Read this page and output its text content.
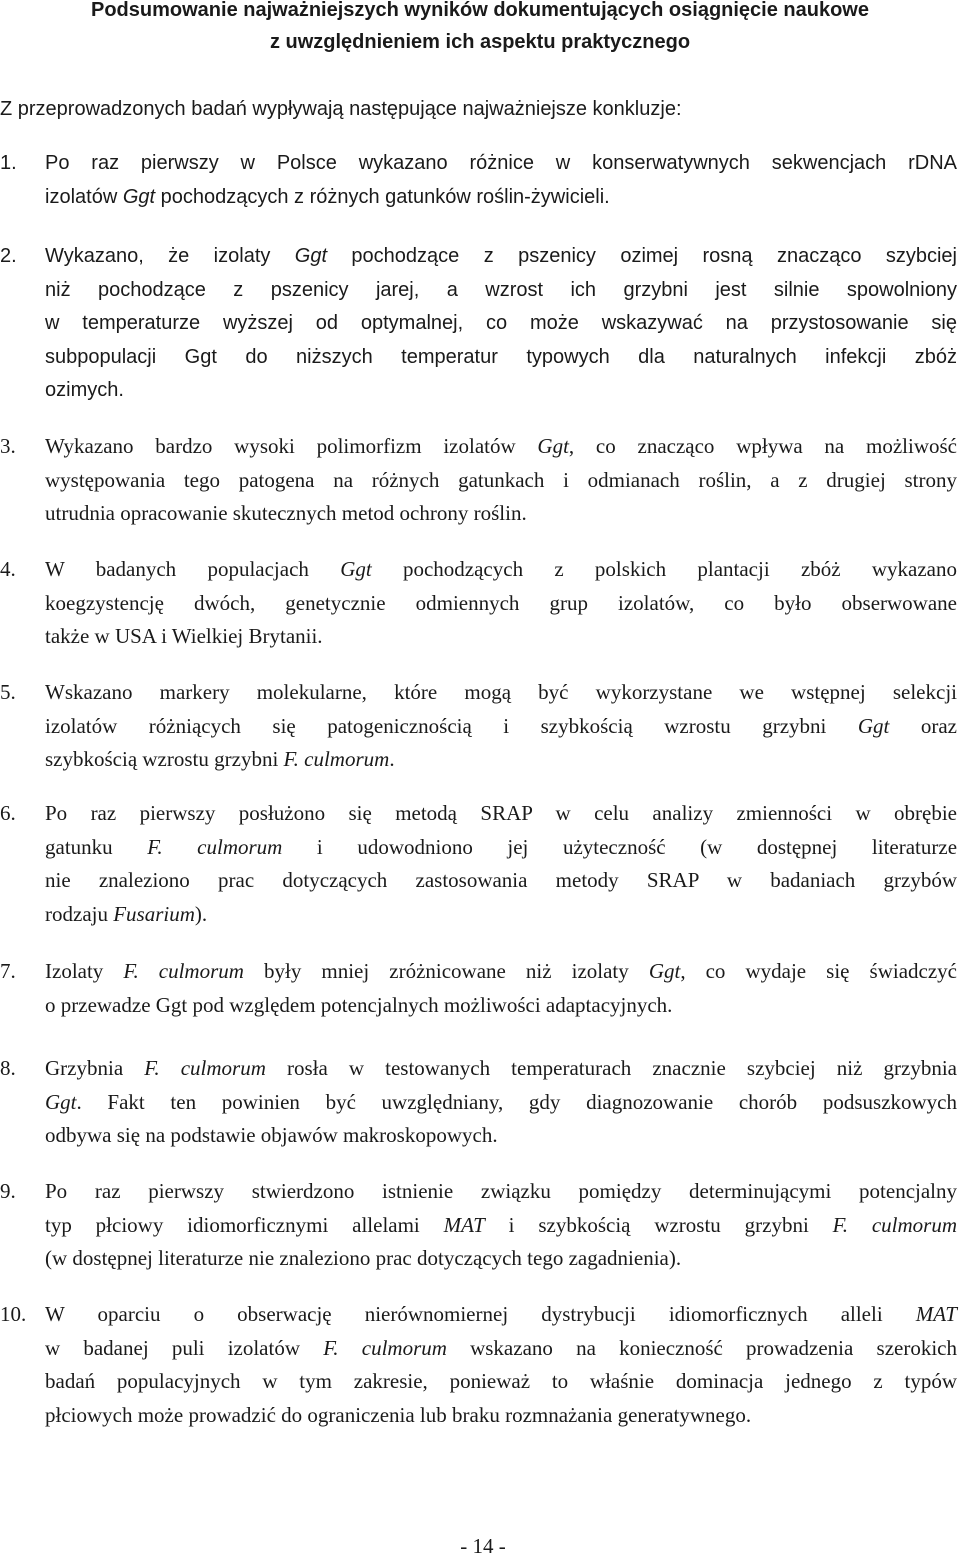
Podsumowanie najważniejszych wyników dokumentujących osiągnięcie naukowe
z uwzględnieniem ich aspektu praktycznego
Z przeprowadzonych badań wypływają następujące najważniejsze konkluzje:
1. Po raz pierwszy w Polsce wykazano różnice w konserwatywnych sekwencjach rDNA
izolatów Ggt pochodzących z różnych gatunków roślin-żywicieli.
2. Wykazano, że izolaty Ggt pochodzące z pszenicy ozimej rosną znacząco szybciej
niż pochodzące z pszenicy jarej, a wzrost ich grzybni jest silnie spowolniony
w temperaturze wyższej od optymalnej, co może wskazywać na przystosowanie się
subpopulacji Ggt do niższych temperatur typowych dla naturalnych infekcji zbóż
ozimych.
3. Wykazano bardzo wysoki polimorfizm izolatów Ggt, co znacząco wpływa na możliwość
występowania tego patogena na różnych gatunkach i odmianach roślin, a z drugiej strony
utrudnia opracowanie skutecznych metod ochrony roślin.
4. W badanych populacjach Ggt pochodzących z polskich plantacji zbóż wykazano
koegzystencję dwóch, genetycznie odmiennych grup izolatów, co było obserwowane
także w USA i Wielkiej Brytanii.
5. Wskazano markery molekularne, które mogą być wykorzystane we wstępnej selekcji
izolatów różniących się patogenicznością i szybkością wzrostu grzybni Ggt oraz
szybkością wzrostu grzybni F. culmorum.
6. Po raz pierwszy posłużono się metodą SRAP w celu analizy zmienności w obrębie
gatunku F. culmorum i udowodniono jej użyteczność (w dostępnej literaturze
nie znaleziono prac dotyczących zastosowania metody SRAP w badaniach grzybów
rodzaju Fusarium).
7. Izolaty F. culmorum były mniej zróżnicowane niż izolaty Ggt, co wydaje się świadczyć
o przewadze Ggt pod względem potencjalnych możliwości adaptacyjnych.
8. Grzybnia F. culmorum rosła w testowanych temperaturach znacznie szybciej niż grzybnia
Ggt. Fakt ten powinien być uwzględniany, gdy diagnozowanie chorób podsuszkowych
odbywa się na podstawie objawów makroskopowych.
9. Po raz pierwszy stwierdzono istnienie związku pomiędzy determinującymi potencjalny
typ płciowy idiomorficznymi allelami MAT i szybkością wzrostu grzybni F. culmorum
(w dostępnej literaturze nie znaleziono prac dotyczących tego zagadnienia).
10. W oparciu o obserwację nierównomiernej dystrybucji idiomorficznych alleli MAT
w badanej puli izolatów F. culmorum wskazano na konieczność prowadzenia szerokich
badań populacyjnych w tym zakresie, ponieważ to właśnie dominacja jednego z typów
płciowych może prowadzić do ograniczenia lub braku rozmnażania generatywnego.
- 14 -
